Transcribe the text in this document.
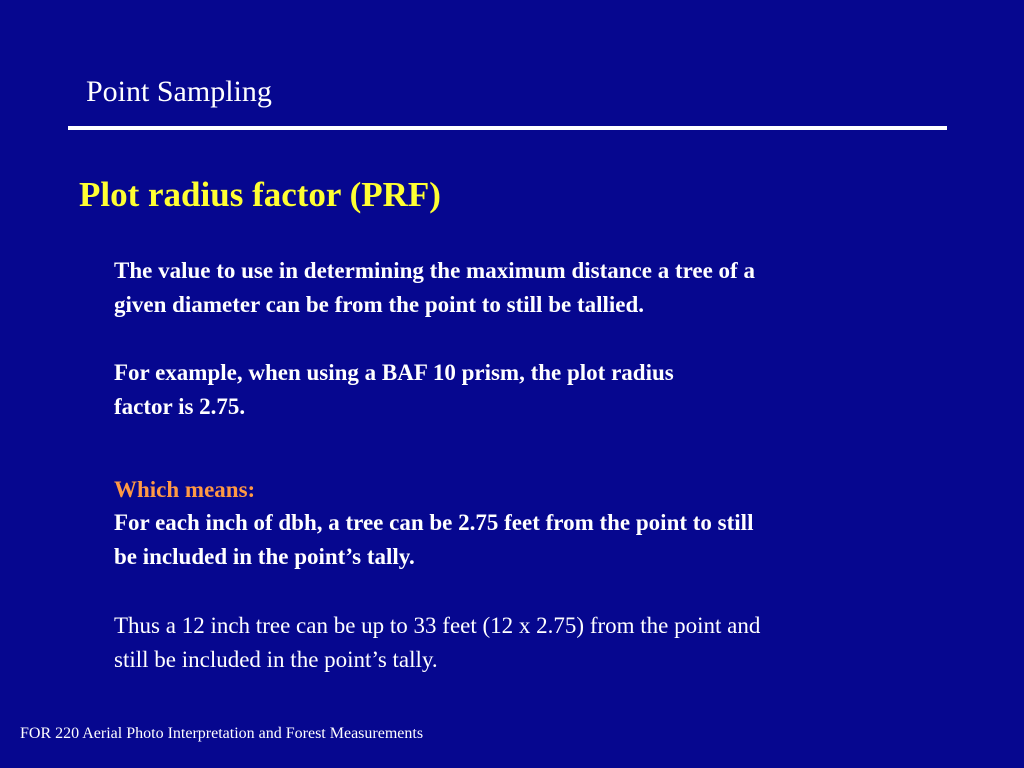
Point Sampling
Plot radius factor (PRF)
The value to use in determining the maximum distance a tree of a
given diameter can be from the point to still be tallied.
For example, when using a BAF 10 prism, the plot radius
factor is 2.75.
Which means:
For each inch of dbh, a tree can be 2.75 feet from the point to still
be included in the point’s tally.
Thus a 12 inch tree can be up to 33 feet (12 x 2.75) from the point and
still be included in the point’s tally.
FOR 220 Aerial Photo Interpretation and Forest Measurements
